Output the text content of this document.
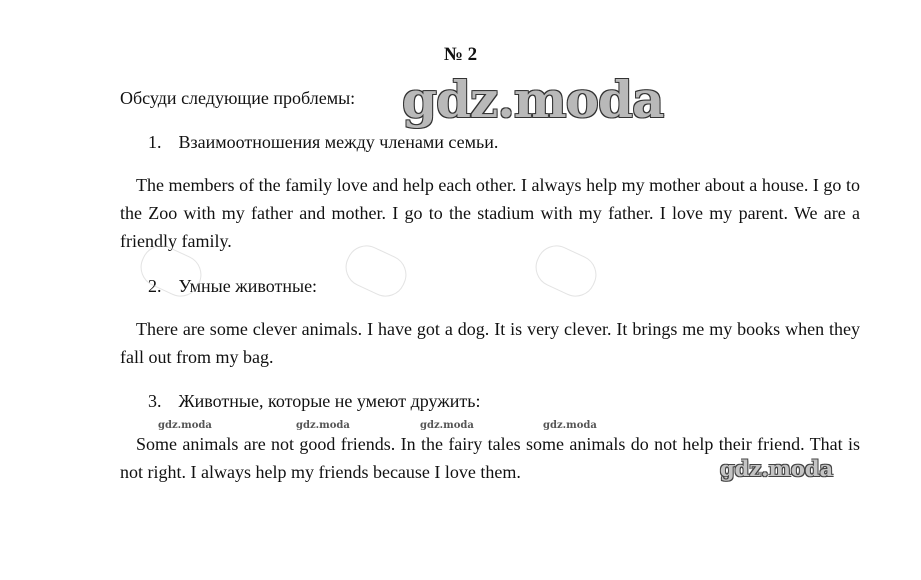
№ 2
Обсуди следующие проблемы:
1. Взаимоотношения между членами семьи.
The members of the family love and help each other. I always help my mother about a house. I go to the Zoo with my father and mother. I go to the stadium with my father. I love my parent. We are a friendly family.
2. Умные животные:
There are some clever animals. I have got a dog. It is very clever. It brings me my books when they fall out from my bag.
3. Животные, которые не умеют дружить:
Some animals are not good friends. In the fairy tales some animals do not help their friend. That is not right. I always help my friends because I love them.
gdz.moda
gdz.moda	gdz.moda	gdz.moda	gdz.moda
gdz.moda
